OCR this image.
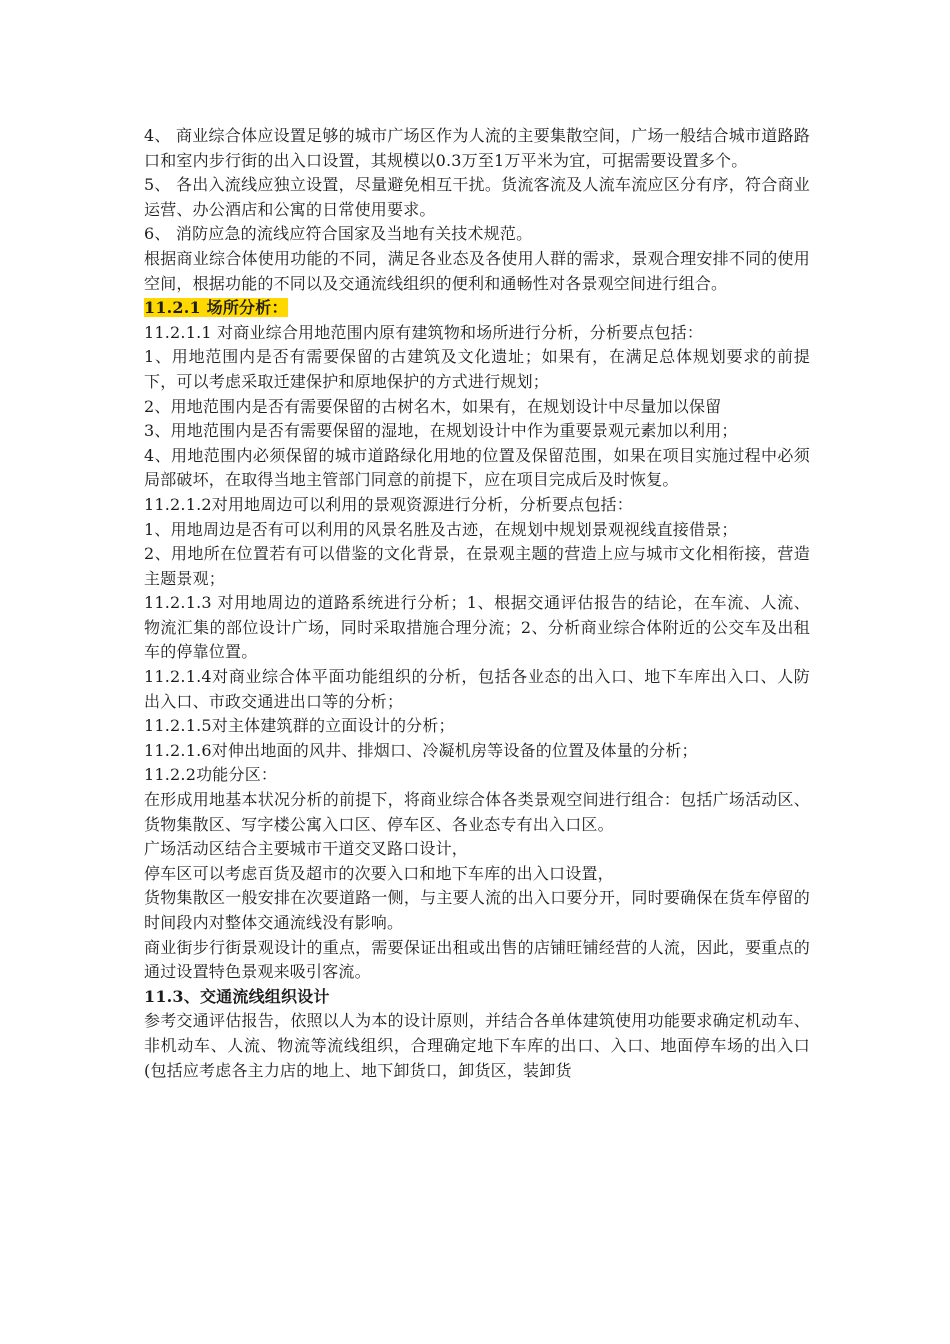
4、 商业综合体应设置足够的城市广场区作为人流的主要集散空间，广场一般结合城市道路路口和室内步行街的出入口设置，其规模以0.3万至1万平米为宜，可据需要设置多个。

5、 各出入流线应独立设置，尽量避免相互干扰。货流客流及人流车流应区分有序，符合商业运营、办公酒店和公寓的日常使用要求。

6、 消防应急的流线应符合国家及当地有关技术规范。

根据商业综合体使用功能的不同，满足各业态及各使用人群的需求，景观合理安排不同的使用空间，根据功能的不同以及交通流线组织的便利和通畅性对各景观空间进行组合。

11.2.1 场所分析：

11.2.1.1 对商业综合用地范围内原有建筑物和场所进行分析，分析要点包括：

1、用地范围内是否有需要保留的古建筑及文化遗址；如果有，在满足总体规划要求的前提下，可以考虑采取迁建保护和原地保护的方式进行规划；

2、用地范围内是否有需要保留的古树名木，如果有，在规划设计中尽量加以保留

3、用地范围内是否有需要保留的湿地，在规划设计中作为重要景观元素加以利用；

4、用地范围内必须保留的城市道路绿化用地的位置及保留范围，如果在项目实施过程中必须局部破坏，在取得当地主管部门同意的前提下，应在项目完成后及时恢复。

11.2.1.2对用地周边可以利用的景观资源进行分析，分析要点包括：

1、用地周边是否有可以利用的风景名胜及古迹，在规划中规划景观视线直接借景；

2、用地所在位置若有可以借鉴的文化背景，在景观主题的营造上应与城市文化相衔接，营造主题景观；

11.2.1.3 对用地周边的道路系统进行分析；1、根据交通评估报告的结论，在车流、人流、物流汇集的部位设计广场，同时采取措施合理分流；2、分析商业综合体附近的公交车及出租车的停靠位置。

11.2.1.4对商业综合体平面功能组织的分析，包括各业态的出入口、地下车库出入口、人防出入口、市政交通进出口等的分析；

11.2.1.5对主体建筑群的立面设计的分析；

11.2.1.6对伸出地面的风井、排烟口、冷凝机房等设备的位置及体量的分析；

11.2.2功能分区：

在形成用地基本状况分析的前提下，将商业综合体各类景观空间进行组合：包括广场活动区、货物集散区、写字楼公寓入口区、停车区、各业态专有出入口区。

广场活动区结合主要城市干道交叉路口设计，

停车区可以考虑百货及超市的次要入口和地下车库的出入口设置，

货物集散区一般安排在次要道路一侧，与主要人流的出入口要分开，同时要确保在货车停留的时间段内对整体交通流线没有影响。

商业街步行街景观设计的重点，需要保证出租或出售的店铺旺铺经营的人流，因此，要重点的通过设置特色景观来吸引客流。

11.3、交通流线组织设计

参考交通评估报告，依照以人为本的设计原则，并结合各单体建筑使用功能要求确定机动车、非机动车、人流、物流等流线组织，合理确定地下车库的出口、入口、地面停车场的出入口(包括应考虑各主力店的地上、地下卸货口，卸货区，装卸货
